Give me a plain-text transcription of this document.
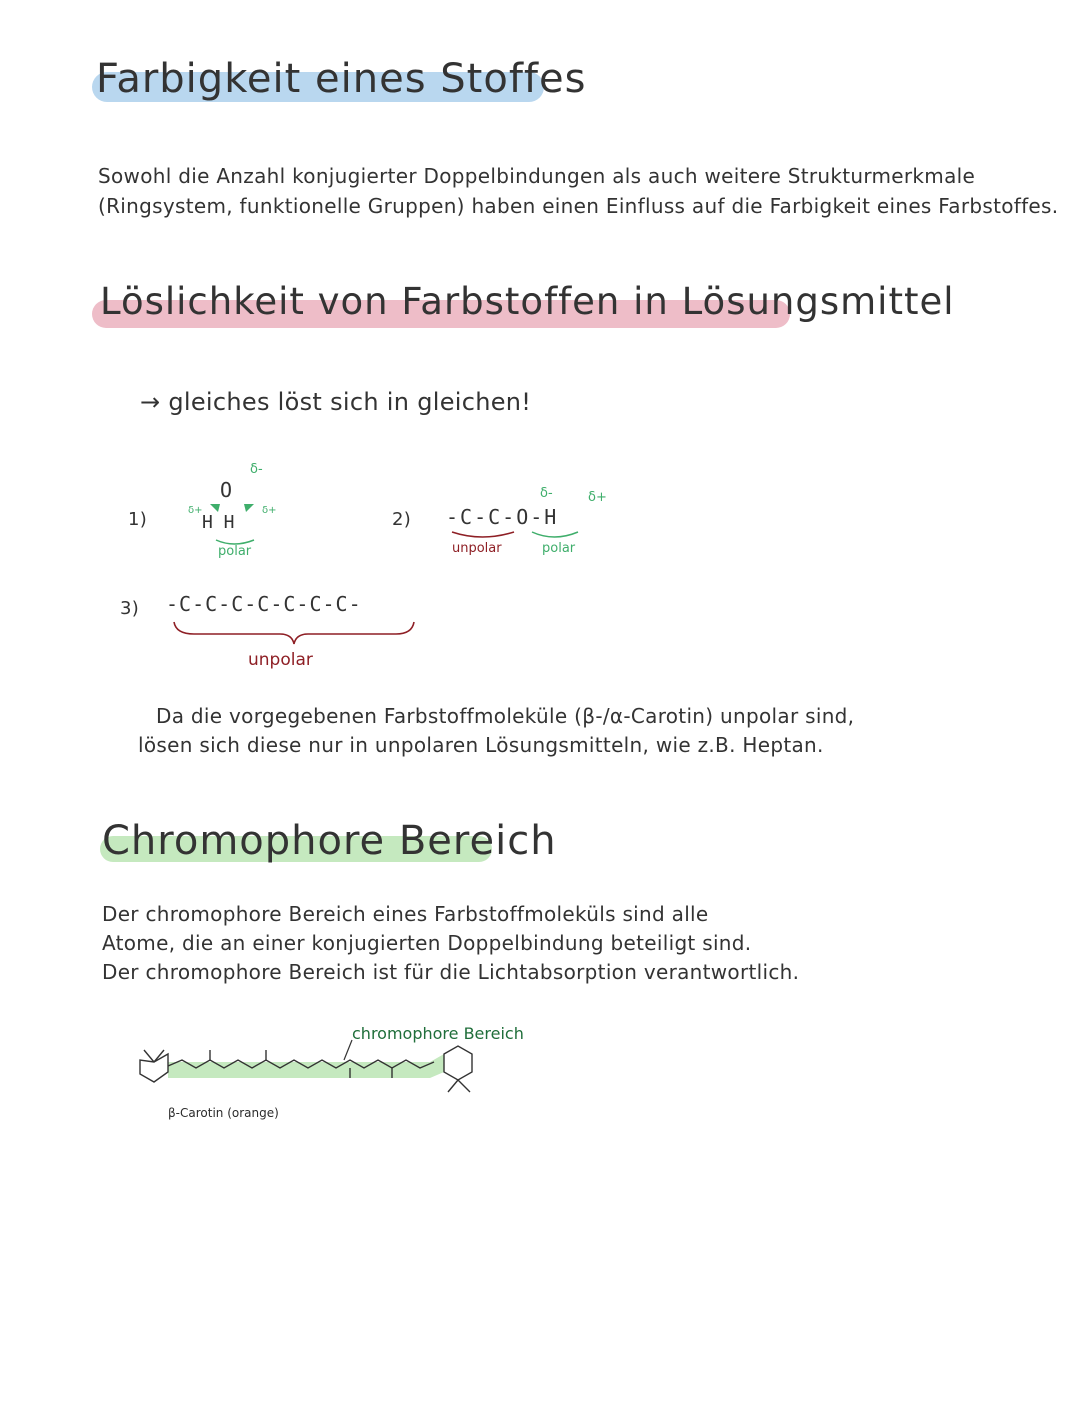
Farbigkeit eines Stoffes
Sowohl die Anzahl konjugierter Doppelbindungen als auch weitere Strukturmerkmale
(Ringsystem, funktionelle Gruppen) haben einen Einfluss auf die Farbigkeit eines Farbstoffes.
Löslichkeit von Farbstoffen in Lösungsmittel
→ gleiches löst sich in gleichen!
1)
δ-
O
δ+	δ+
H H
polar
2)
δ-	δ+
-C-C-O-H
unpolar	polar
3) -C-C-C-C-C-C-C-
unpolar
Da die vorgegebenen Farbstoffmoleküle (β-/α-Carotin) unpolar sind,
lösen sich diese nur in unpolaren Lösungsmitteln, wie z.B. Heptan.
Chromophore Bereich
Der chromophore Bereich eines Farbstoffmoleküls sind alle
Atome, die an einer konjugierten Doppelbindung beteiligt sind.
Der chromophore Bereich ist für die Lichtabsorption verantwortlich.
chromophore Bereich
β-Carotin (orange)
